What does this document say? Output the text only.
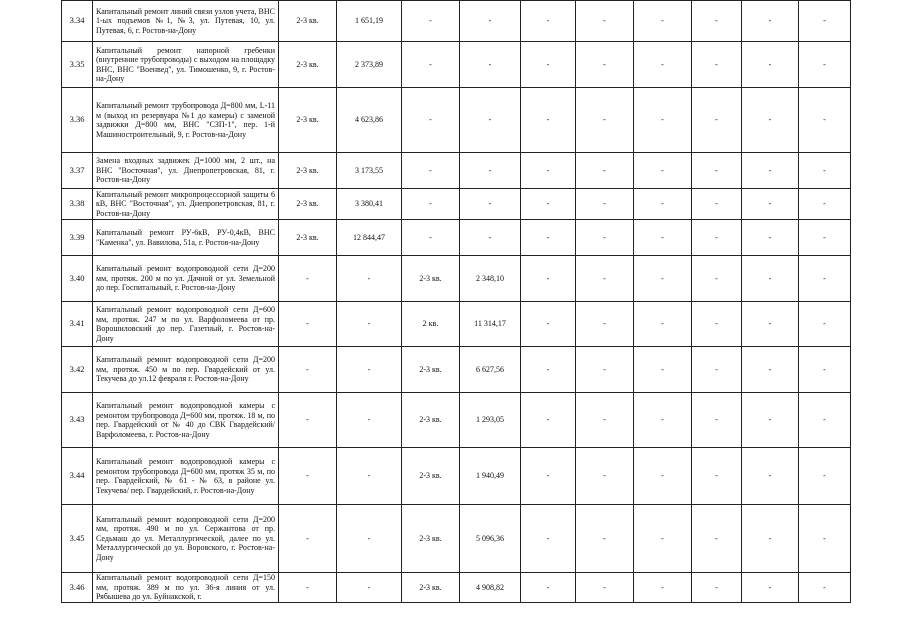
3.34	Капитальный ремонт линий связи узлов учета, ВНС 1-ых подъемов №1, №3, ул. Путевая, 10, ул. Путевая, 6, г. Ростов-на-Дону	2-3 кв.	1 651,19	-	-	-	-	-	-	-	-
3.35	Капитальный ремонт напорной гребенки (внутренние трубопроводы) с выходом на площадку ВНС, ВНС "Военвед", ул. Тимошенко, 9, г. Ростов-на-Дону	2-3 кв.	2 373,89	-	-	-	-	-	-	-	-
3.36	Капитальный ремонт трубопровода Д=800 мм, L-11 м (выход из резервуара №1 до камеры) с заменой задвижки Д=800 мм, ВНС "СЗП-1", пер. 1-й Машиностроительный, 9, г. Ростов-на-Дону	2-3 кв.	4 623,86	-	-	-	-	-	-	-	-
3.37	Замена входных задвижек Д=1000 мм, 2 шт., на ВНС "Восточная", ул. Днепропетровская, 81, г. Ростов-на-Дону	2-3 кв.	3 173,55	-	-	-	-	-	-	-	-
3.38	Капитальный ремонт микропроцессорной защиты 6 кВ, ВНС "Восточная", ул. Днепропетровская, 81, г. Ростов-на-Дону	2-3 кв.	3 380,41	-	-	-	-	-	-	-	-
3.39	Капитальный ремонт РУ-6кВ, РУ-0,4кВ, ВНС "Каменка", ул. Вавилова, 51а, г. Ростов-на-Дону	2-3 кв.	12 844,47	-	-	-	-	-	-	-	-
3.40	Капитальный ремонт водопроводной сети Д=200 мм, протяж. 200 м по ул. Дачной от ул. Земельной до пер. Госпитальный, г. Ростов-на-Дону	-	-	2-3 кв.	2 348,10	-	-	-	-	-	-
3.41	Капитальный ремонт водопроводной сети Д=600 мм, протяж. 247 м по ул. Варфоломеева от пр. Ворошиловский до пер. Газетный, г. Ростов-на-Дону	-	-	2 кв.	11 314,17	-	-	-	-	-	-
3.42	Капитальный ремонт водопроводной сети Д=200 мм, протяж. 450 м по пер. Гвардейский от ул. Текучева до ул.12 февраля г. Ростов-на-Дону	-	-	2-3 кв.	6 627,56	-	-	-	-	-	-
3.43	Капитальный ремонт водопроводной камеры с ремонтом трубопровода Д=600 мм, протяж. 18 м, по пер. Гвардейский от № 40 до СВК Гвардейский/Варфоломеева, г. Ростов-на-Дону	-	-	2-3 кв.	1 293,05	-	-	-	-	-	-
3.44	Капитальный ремонт водопроводной камеры с ремонтом трубопровода Д=600 мм, протяж 35 м, по пер. Гвардейский, № 61 - № 63, в районе ул. Текучева/ пер. Гвардейский, г. Ростов-на-Дону	-	-	2-3 кв.	1 940,49	-	-	-	-	-	-
3.45	Капитальный ремонт водопроводной сети Д=200 мм, протяж. 490 м по ул. Сержантова от пр. Седьмаш до ул. Металлургической, далее по ул. Металлургической до ул. Воровского, г. Ростов-на-Дону	-	-	2-3 кв.	5 096,36	-	-	-	-	-	-
3.46	Капитальный ремонт водопроводной сети Д=150 мм, протяж. 389 м по ул. 36-я линия от ул. Рябышева до ул. Буйнакской, г.	-	-	2-3 кв.	4 908,82	-	-	-	-	-	-
